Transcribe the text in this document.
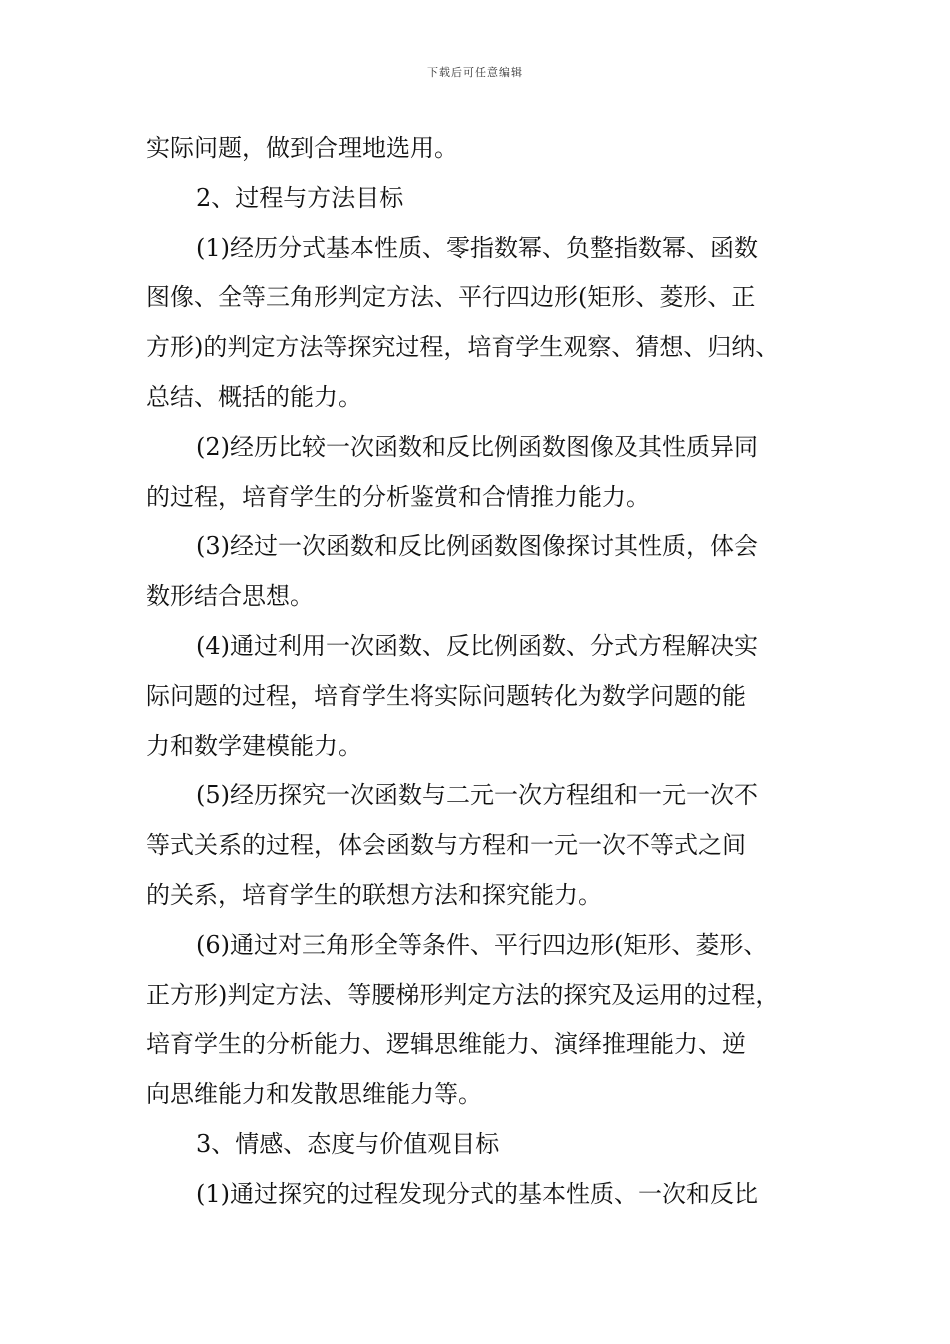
下载后可任意编辑
实际问题，做到合理地选用。
2、过程与方法目标
(1)经历分式基本性质、零指数幂、负整指数幂、函数
图像、全等三角形判定方法、平行四边形(矩形、菱形、正
方形)的判定方法等探究过程，培育学生观察、猜想、归纳、
总结、概括的能力。
(2)经历比较一次函数和反比例函数图像及其性质异同
的过程，培育学生的分析鉴赏和合情推力能力。
(3)经过一次函数和反比例函数图像探讨其性质，体会
数形结合思想。
(4)通过利用一次函数、反比例函数、分式方程解决实
际问题的过程，培育学生将实际问题转化为数学问题的能
力和数学建模能力。
(5)经历探究一次函数与二元一次方程组和一元一次不
等式关系的过程，体会函数与方程和一元一次不等式之间
的关系，培育学生的联想方法和探究能力。
(6)通过对三角形全等条件、平行四边形(矩形、菱形、
正方形)判定方法、等腰梯形判定方法的探究及运用的过程，
培育学生的分析能力、逻辑思维能力、演绎推理能力、逆
向思维能力和发散思维能力等。
3、情感、态度与价值观目标
(1)通过探究的过程发现分式的基本性质、一次和反比
